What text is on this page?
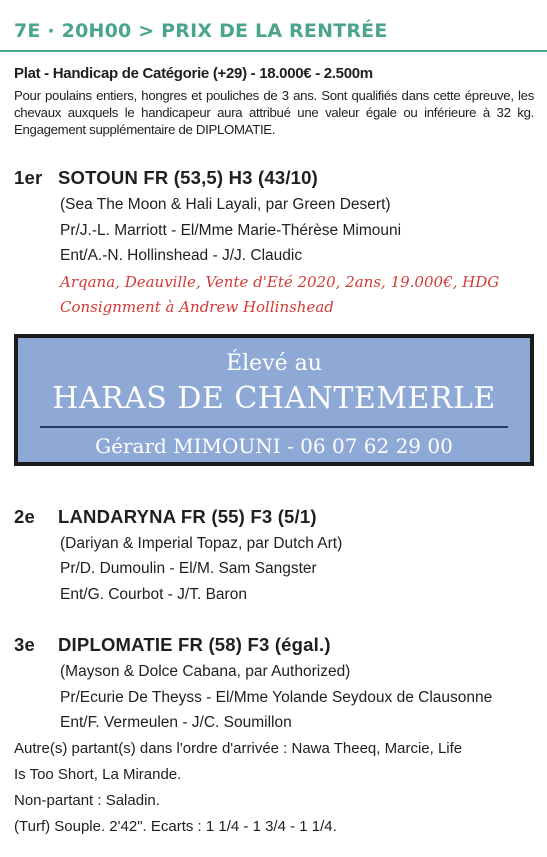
7E · 20H00 > PRIX DE LA RENTRÉE
Plat - Handicap de Catégorie (+29) - 18.000€ - 2.500m
Pour poulains entiers, hongres et pouliches de 3 ans. Sont qualifiés dans cette épreuve, les chevaux auxquels le handicapeur aura attribué une valeur égale ou inférieure à 32 kg. Engagement supplémentaire de DIPLOMATIE.
1er SOTOUN FR (53,5) H3 (43/10)
(Sea The Moon & Hali Layali, par Green Desert)
Pr/J.-L. Marriott - El/Mme Marie-Thérèse Mimouni
Ent/A.-N. Hollinshead - J/J. Claudic
Arqana, Deauville, Vente d'Eté 2020, 2ans, 19.000€, HDG
Consignment à Andrew Hollinshead
Élevé au
HARAS DE CHANTEMERLE
Gérard MIMOUNI - 06 07 62 29 00
2e LANDARYNA FR (55) F3 (5/1)
(Dariyan & Imperial Topaz, par Dutch Art)
Pr/D. Dumoulin - El/M. Sam Sangster
Ent/G. Courbot - J/T. Baron
3e DIPLOMATIE FR (58) F3 (égal.)
(Mayson & Dolce Cabana, par Authorized)
Pr/Ecurie De Theyss - El/Mme Yolande Seydoux de Clausonne
Ent/F. Vermeulen - J/C. Soumillon
Autre(s) partant(s) dans l'ordre d'arrivée : Nawa Theeq, Marcie, Life
Is Too Short, La Mirande.
Non-partant : Saladin.
(Turf) Souple. 2'42". Ecarts : 1 1/4 - 1 3/4 - 1 1/4.
